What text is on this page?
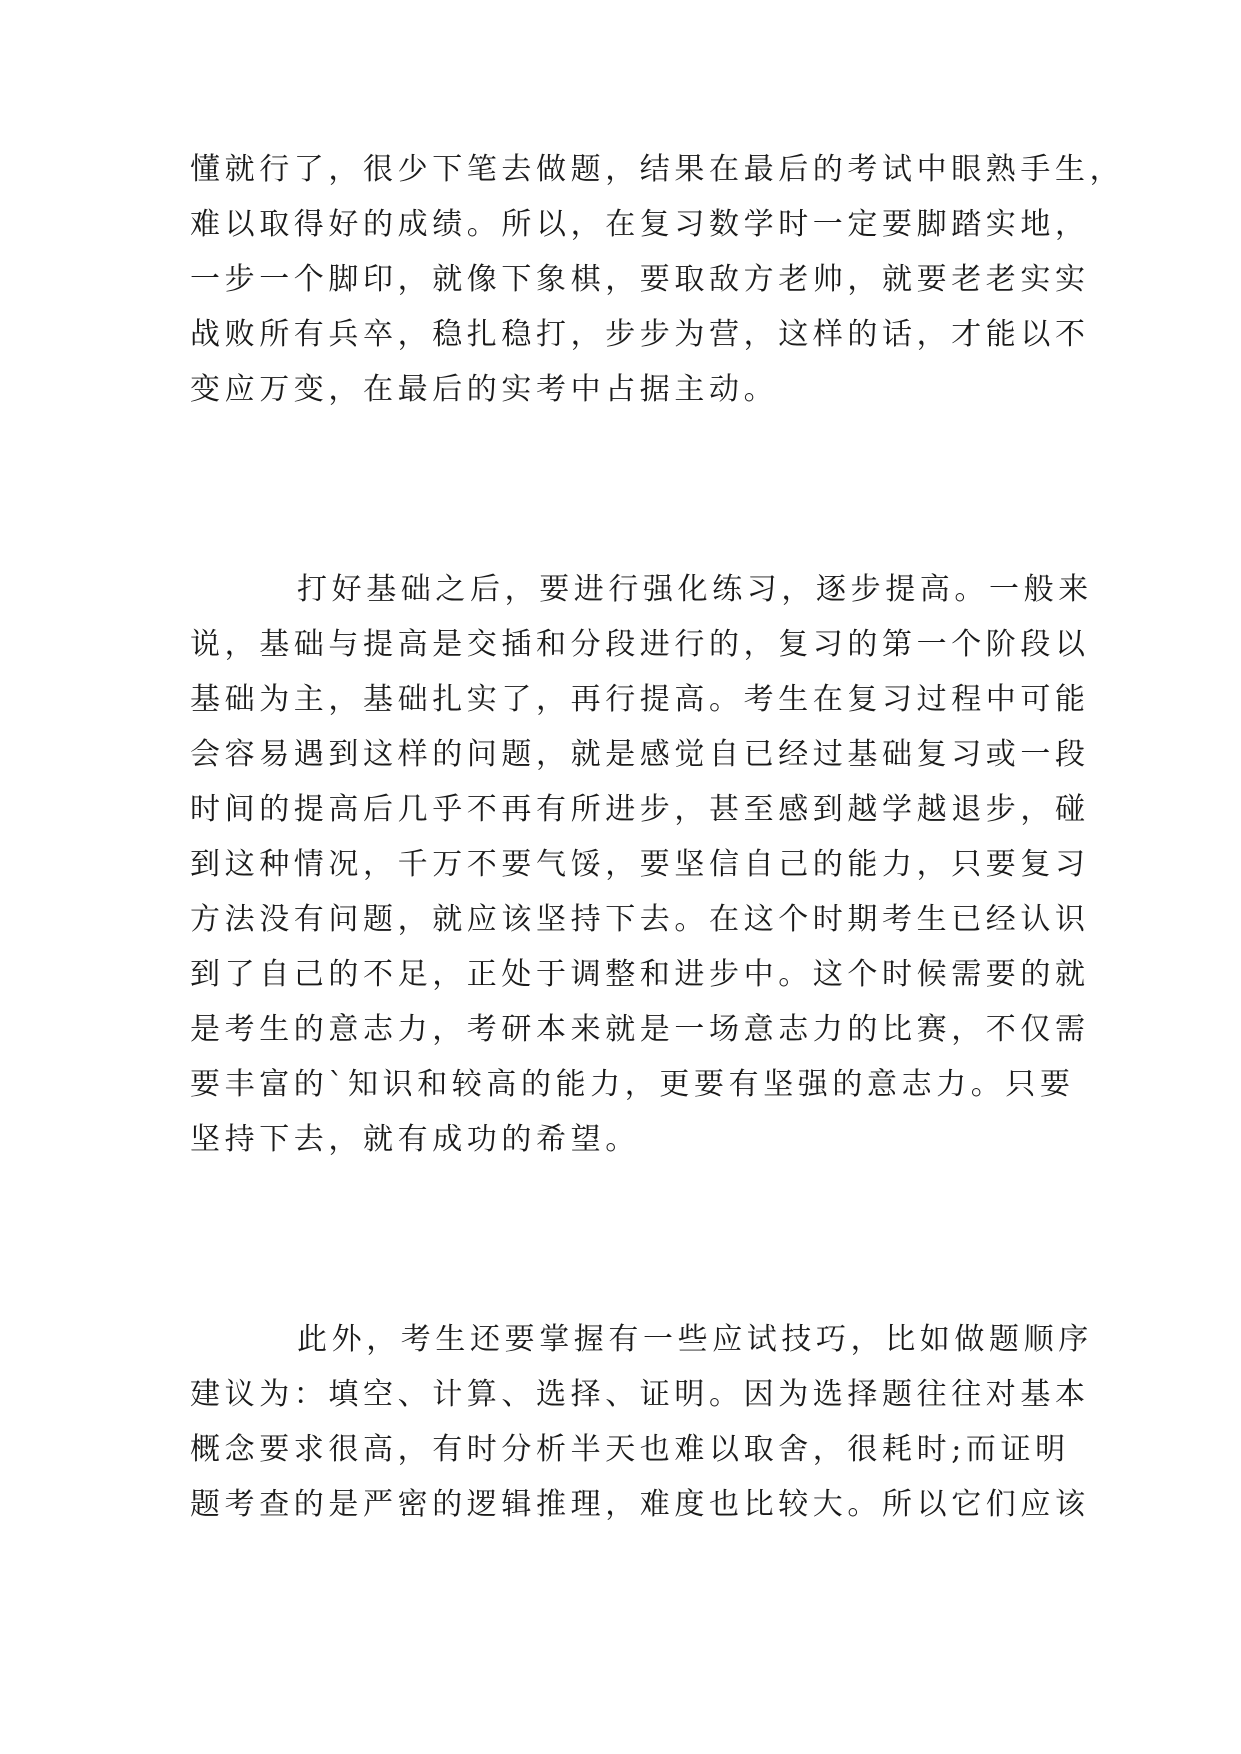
懂就行了，很少下笔去做题，结果在最后的考试中眼熟手生，

难以取得好的成绩。所以，在复习数学时一定要脚踏实地，

一步一个脚印，就像下象棋，要取敌方老帅，就要老老实实

战败所有兵卒，稳扎稳打，步步为营，这样的话，才能以不

变应万变，在最后的实考中占据主动。

打好基础之后，要进行强化练习，逐步提高。一般来

说，基础与提高是交插和分段进行的，复习的第一个阶段以

基础为主，基础扎实了，再行提高。考生在复习过程中可能

会容易遇到这样的问题，就是感觉自已经过基础复习或一段

时间的提高后几乎不再有所进步，甚至感到越学越退步，碰

到这种情况，千万不要气馁，要坚信自己的能力，只要复习

方法没有问题，就应该坚持下去。在这个时期考生已经认识

到了自己的不足，正处于调整和进步中。这个时候需要的就

是考生的意志力，考研本来就是一场意志力的比赛，不仅需

要丰富的`知识和较高的能力，更要有坚强的意志力。只要

坚持下去，就有成功的希望。

此外，考生还要掌握有一些应试技巧，比如做题顺序

建议为：填空、计算、选择、证明。因为选择题往往对基本

概念要求很高，有时分析半天也难以取舍，很耗时;而证明

题考查的是严密的逻辑推理，难度也比较大。所以它们应该
